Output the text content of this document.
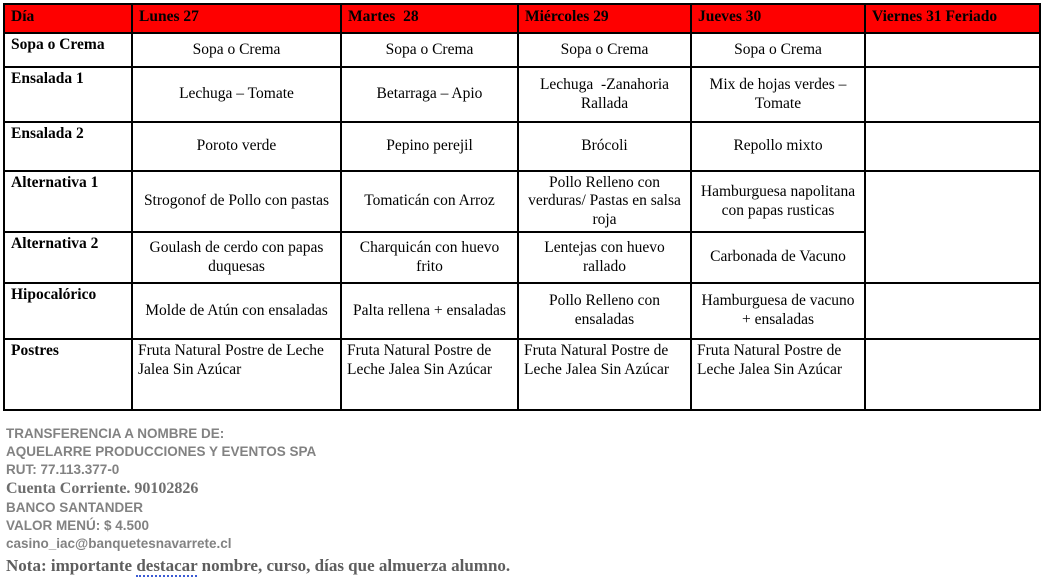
Día	Lunes 27	Martes  28	Miércoles 29	Jueves 30	Viernes 31 Feriado
Sopa o Crema	Sopa o Crema	Sopa o Crema	Sopa o Crema	Sopa o Crema	
Ensalada 1	Lechuga – Tomate	Betarraga – Apio	Lechuga  -Zanahoria Rallada	Mix de hojas verdes – Tomate	
Ensalada 2	Poroto verde	Pepino perejil	Brócoli	Repollo mixto	
Alternativa 1	Strogonof de Pollo con pastas	Tomaticán con Arroz	Pollo Relleno con verduras/ Pastas en salsa roja	Hamburguesa napolitana con papas rusticas	
Alternativa 2	Goulash de cerdo con papas duquesas	Charquicán con huevo frito	Lentejas con huevo rallado	Carbonada de Vacuno	
Hipocalórico	Molde de Atún con ensaladas	Palta rellena + ensaladas	Pollo Relleno con ensaladas	Hamburguesa de vacuno + ensaladas	
Postres	Fruta Natural Postre de Leche Jalea Sin Azúcar	Fruta Natural Postre de Leche Jalea Sin Azúcar	Fruta Natural Postre de Leche Jalea Sin Azúcar	Fruta Natural Postre de Leche Jalea Sin Azúcar	
TRANSFERENCIA A NOMBRE DE:
AQUELARRE PRODUCCIONES Y EVENTOS SPA
RUT: 77.113.377-0
Cuenta Corriente. 90102826
BANCO SANTANDER
VALOR MENÚ: $ 4.500
casino_iac@banquetesnavarrete.cl
Nota: importante destacar nombre, curso, días que almuerza alumno.
